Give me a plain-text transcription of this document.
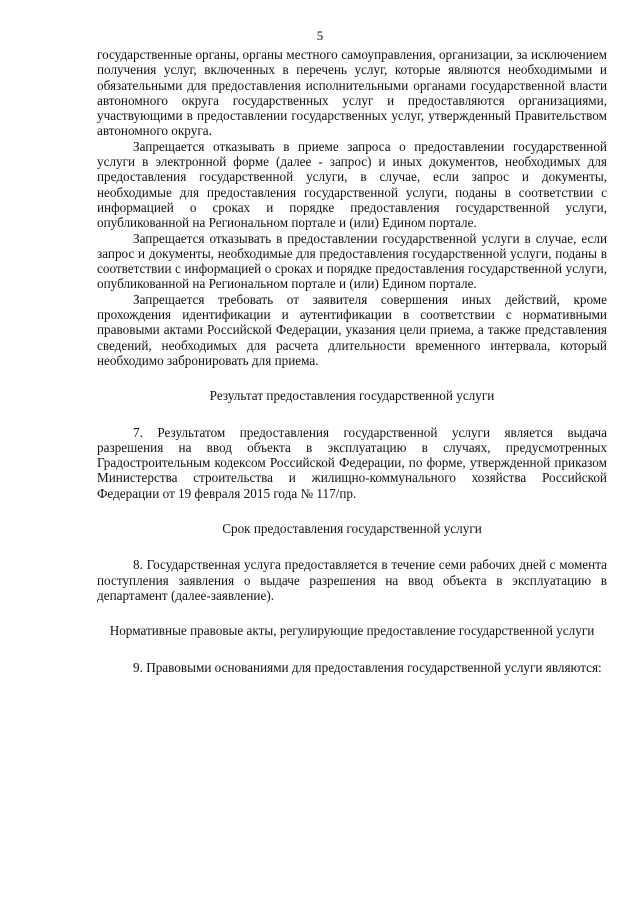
5

государственные органы, органы местного самоуправления, организации, за исключением получения услуг, включенных в перечень услуг, которые являются необходимыми и обязательными для предоставления исполнительными органами государственной власти автономного округа государственных услуг и предоставляются организациями, участвующими в предоставлении государственных услуг, утвержденный Правительством автономного округа.

Запрещается отказывать в приеме запроса о предоставлении государственной услуги в электронной форме (далее - запрос) и иных документов, необходимых для предоставления государственной услуги, в случае, если запрос и документы, необходимые для предоставления государственной услуги, поданы в соответствии с информацией о сроках и порядке предоставления государственной услуги, опубликованной на Региональном портале и (или) Едином портале.

Запрещается отказывать в предоставлении государственной услуги в случае, если запрос и документы, необходимые для предоставления государственной услуги, поданы в соответствии с информацией о сроках и порядке предоставления государственной услуги, опубликованной на Региональном портале и (или) Едином портале.

Запрещается требовать от заявителя совершения иных действий, кроме прохождения идентификации и аутентификации в соответствии с нормативными правовыми актами Российской Федерации, указания цели приема, а также представления сведений, необходимых для расчета длительности временного интервала, который необходимо забронировать для приема.

Результат предоставления государственной услуги

7. Результатом предоставления государственной услуги является выдача разрешения на ввод объекта в эксплуатацию в случаях, предусмотренных Градостроительным кодексом Российской Федерации, по форме, утвержденной приказом Министерства строительства и жилищно-коммунального хозяйства Российской Федерации от 19 февраля 2015 года № 117/пр.

Срок предоставления государственной услуги

8. Государственная услуга предоставляется в течение семи рабочих дней с момента поступления заявления о выдаче разрешения на ввод объекта в эксплуатацию в департамент (далее-заявление).

Нормативные правовые акты, регулирующие предоставление государственной услуги

9. Правовыми основаниями для предоставления государственной услуги являются:
